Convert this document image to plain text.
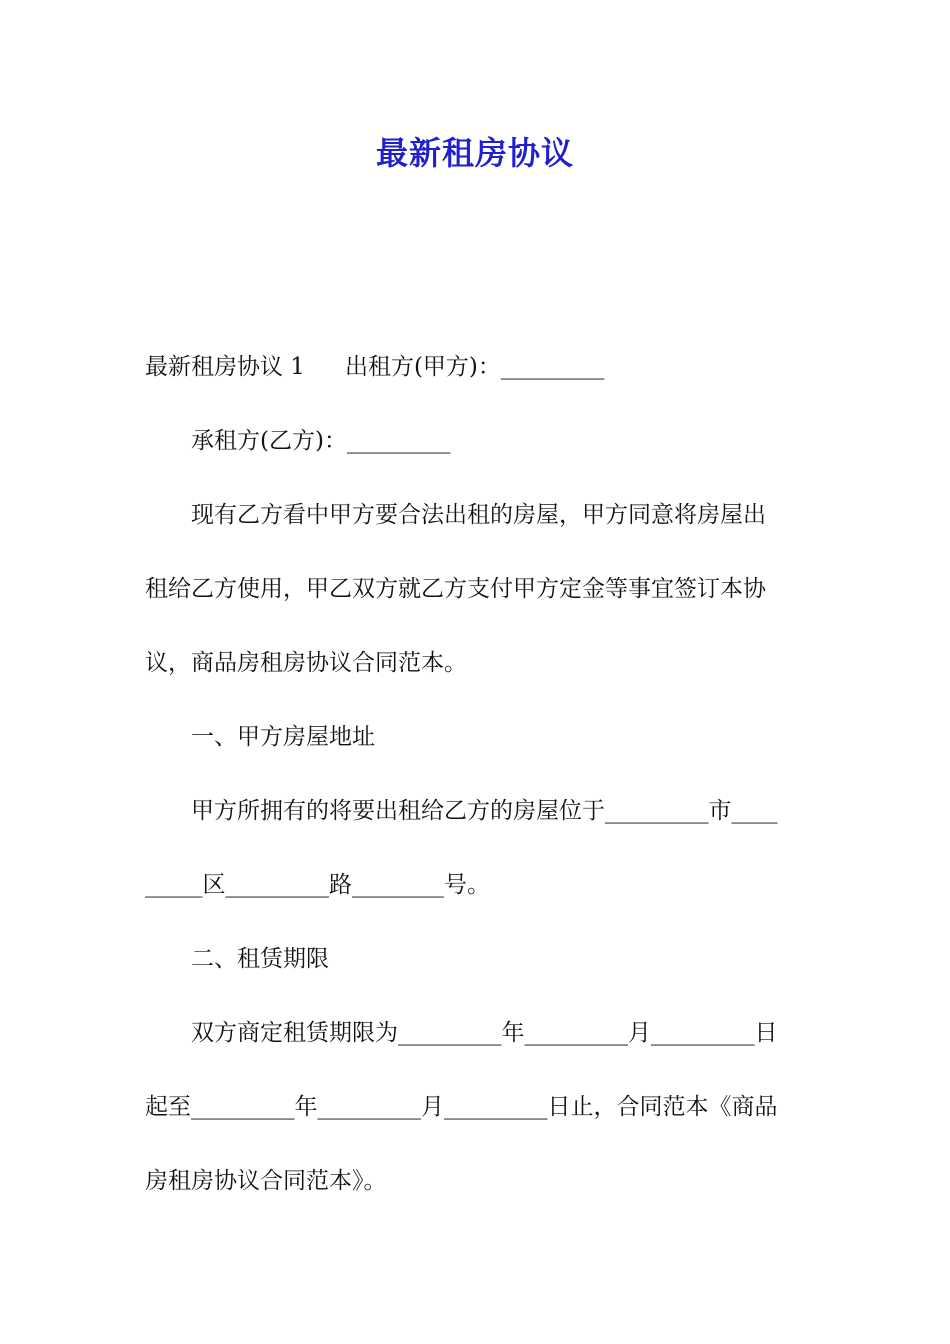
最新租房协议

最新租房协议 1 出租方(甲方)：_________

承租方(乙方)：_________

现有乙方看中甲方要合法出租的房屋，甲方同意将房屋出

租给乙方使用，甲乙双方就乙方支付甲方定金等事宜签订本协

议，商品房租房协议合同范本。

一、甲方房屋地址

甲方所拥有的将要出租给乙方的房屋位于_________市____

_____区_________路________号。

二、租赁期限

双方商定租赁期限为_________年_________月_________日

起至_________年_________月_________日止，合同范本《商品

房租房协议合同范本》。
